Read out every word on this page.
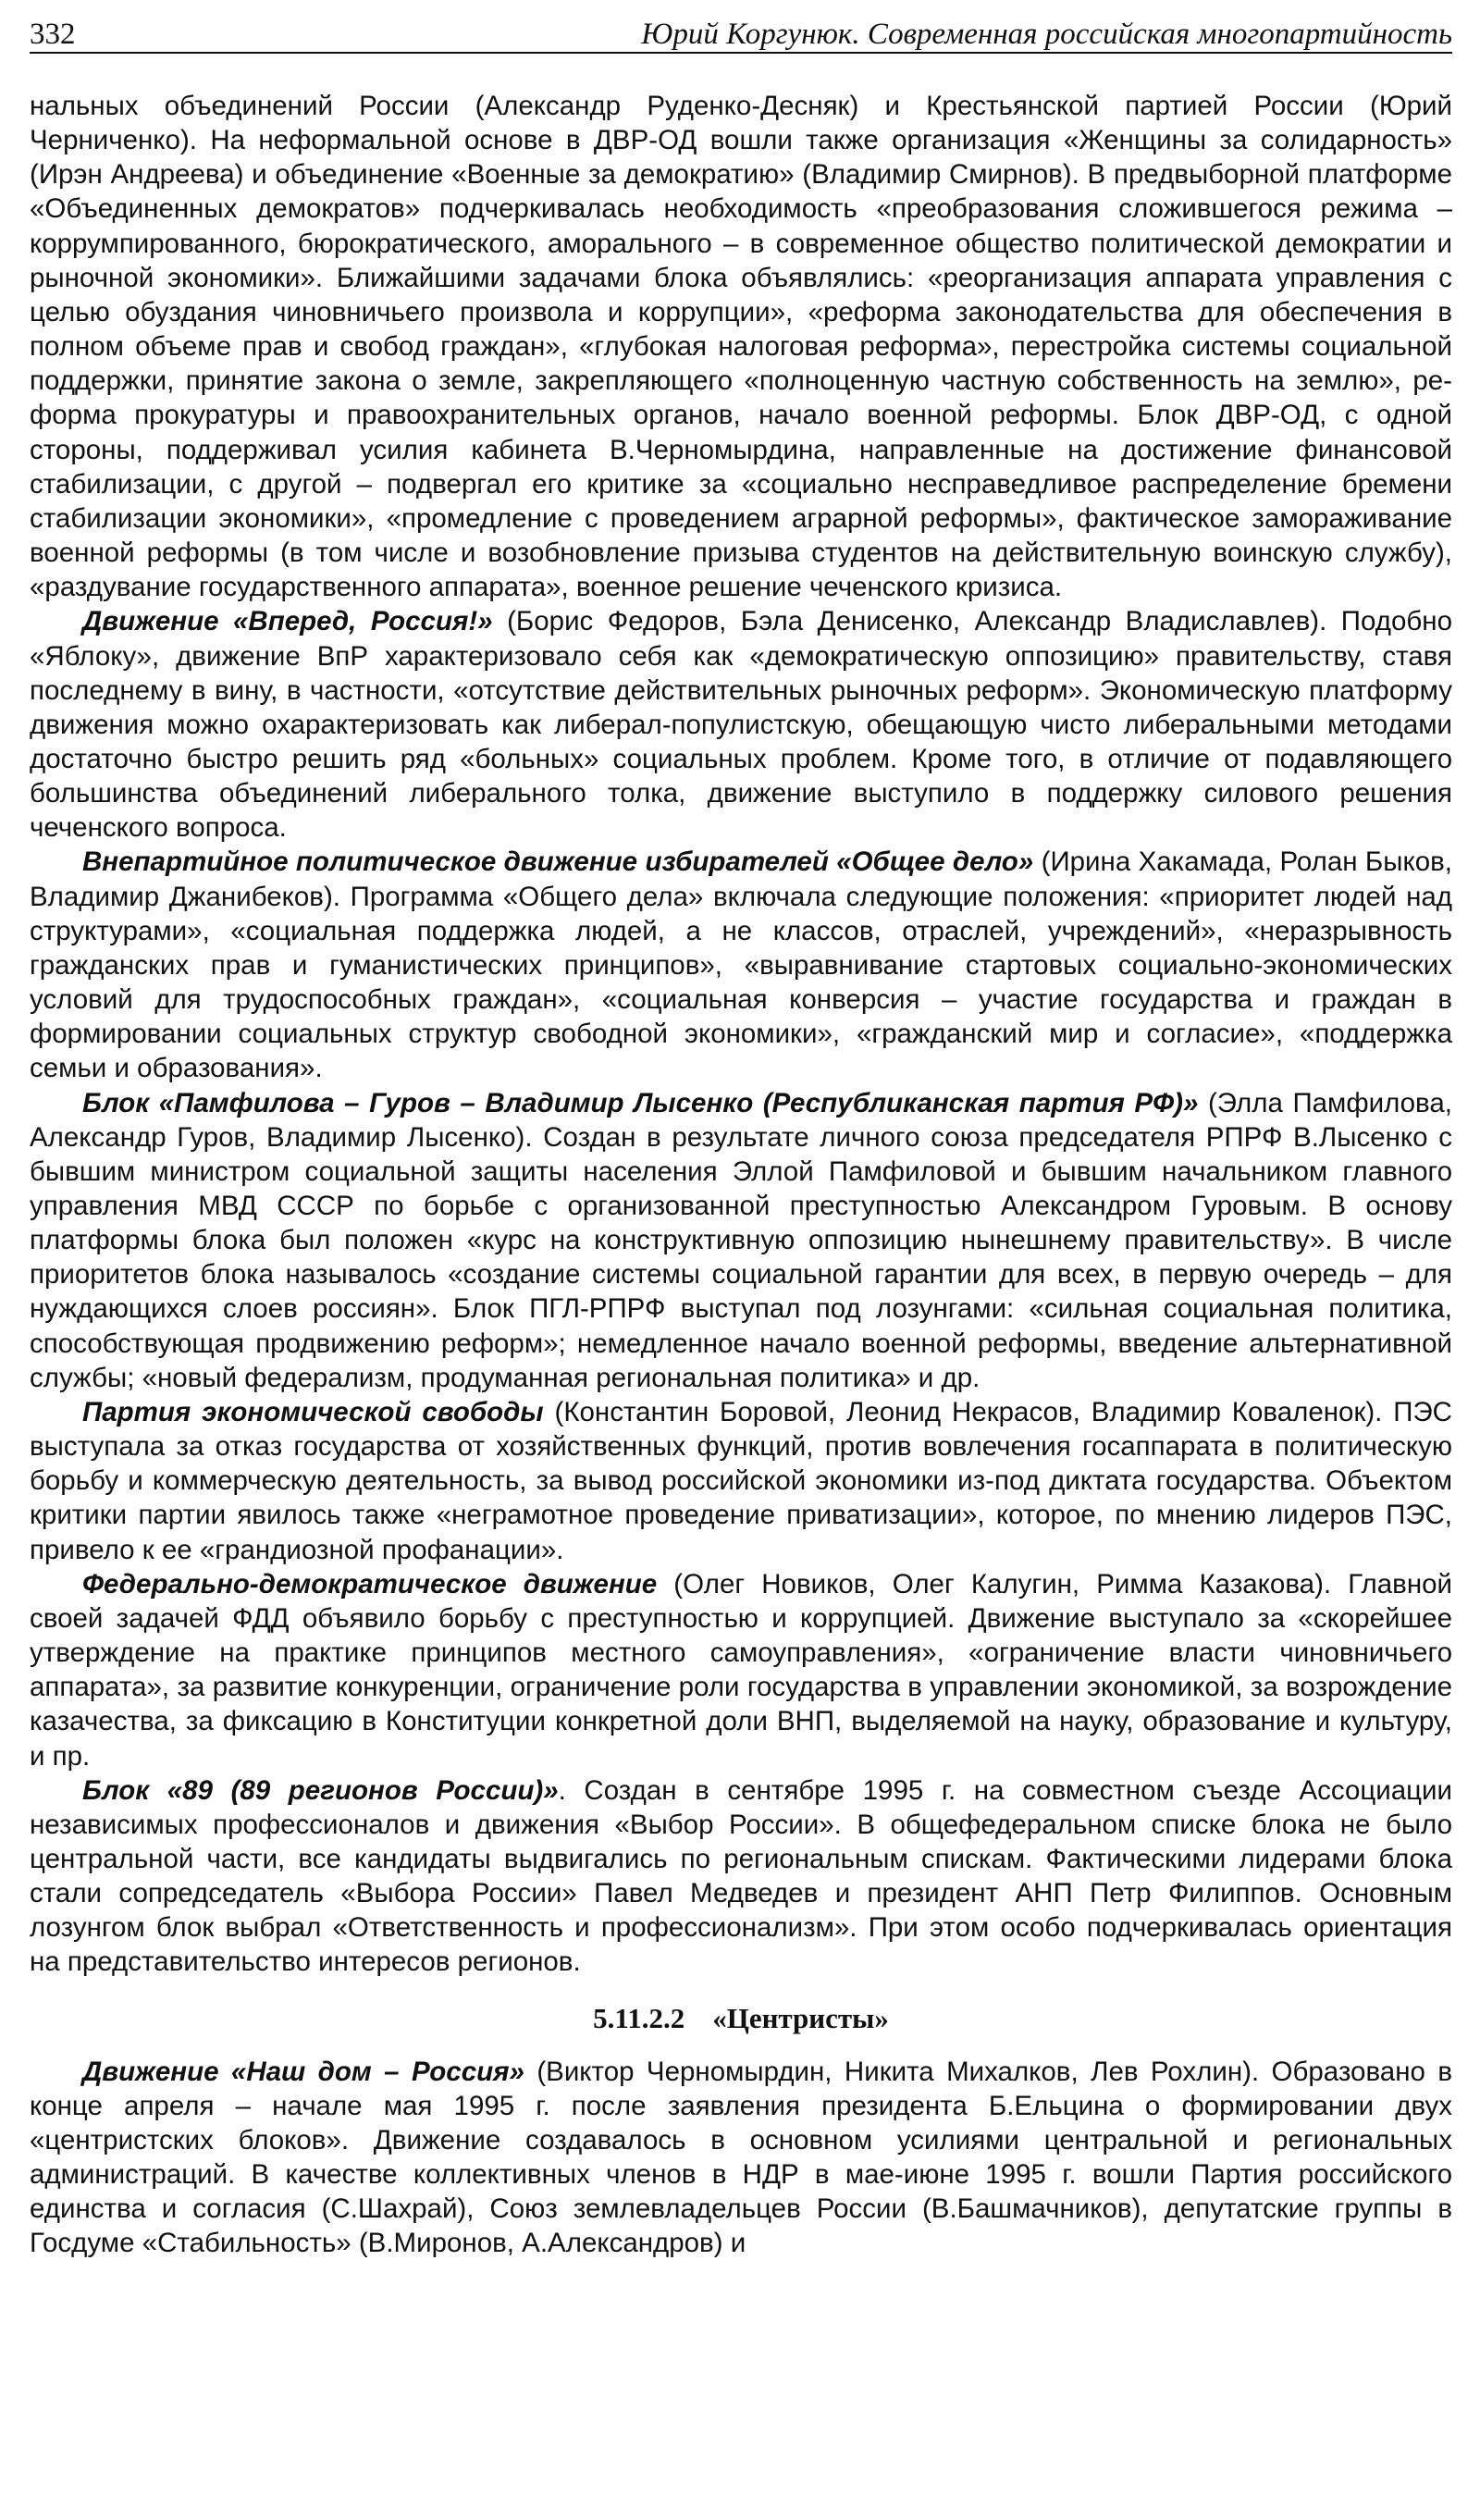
332	Юрий Коргунюк. Современная российская многопартийность

нальных объединений России (Александр Руденко-Десняк) и Крестьянской партией России (Юрий Черниченко). На неформальной основе в ДВР-ОД вошли также организация «Женщины за солидарность» (Ирэн Андреева) и объединение «Военные за демократию» (Владимир Смирнов). В предвыборной платформе «Объединенных демократов» подчеркивалась необходимость «преобразования сложившегося режима – коррумпированного, бюрократического, аморального – в современное общество политической демократии и рыночной экономики». Ближайшими задачами блока объявлялись: «реорганизация аппарата управления с целью обуздания чиновничьего произвола и коррупции», «реформа законодательства для обеспечения в полном объеме прав и свобод граждан», «глубокая налоговая реформа», перестройка системы социальной поддержки, принятие закона о земле, закрепляющего «полноценную частную собственность на землю», реформа прокуратуры и правоохранительных органов, начало военной реформы. Блок ДВР-ОД, с одной стороны, поддерживал усилия кабинета В.Черномырдина, направленные на достижение финансовой стабилизации, с другой – подвергал его критике за «социально несправедливое распределение бремени стабилизации экономики», «промедление с проведением аграрной реформы», фактическое замораживание военной реформы (в том числе и возобновление призыва студентов на действительную воинскую службу), «раздувание государственного аппарата», военное решение чеченского кризиса.

Движение «Вперед, Россия!» (Борис Федоров, Бэла Денисенко, Александр Владиславлев). Подобно «Яблоку», движение ВпР характеризовало себя как «демократическую оппозицию» правительству, ставя последнему в вину, в частности, «отсутствие действительных рыночных реформ». Экономическую платформу движения можно охарактеризовать как либерал-популистскую, обещающую чисто либеральными методами достаточно быстро решить ряд «больных» социальных проблем. Кроме того, в отличие от подавляющего большинства объединений либерального толка, движение выступило в поддержку силового решения чеченского вопроса.

Внепартийное политическое движение избирателей «Общее дело» (Ирина Хакамада, Ролан Быков, Владимир Джанибеков). Программа «Общего дела» включала следующие положения: «приоритет людей над структурами», «социальная поддержка людей, а не классов, отраслей, учреждений», «неразрывность гражданских прав и гуманистических принципов», «выравнивание стартовых социально-экономических условий для трудоспособных граждан», «социальная конверсия – участие государства и граждан в формировании социальных структур свободной экономики», «гражданский мир и согласие», «поддержка семьи и образования».

Блок «Памфилова – Гуров – Владимир Лысенко (Республиканская партия РФ)» (Элла Памфилова, Александр Гуров, Владимир Лысенко). Создан в результате личного союза председателя РПРФ В.Лысенко с бывшим министром социальной защиты населения Эллой Памфиловой и бывшим начальником главного управления МВД СССР по борьбе с организованной преступностью Александром Гуровым. В основу платформы блока был положен «курс на конструктивную оппозицию нынешнему правительству». В числе приоритетов блока называлось «создание системы социальной гарантии для всех, в первую очередь – для нуждающихся слоев россиян». Блок ПГЛ-РПРФ выступал под лозунгами: «сильная социальная политика, способствующая продвижению реформ»; немедленное начало военной реформы, введение альтернативной службы; «новый федерализм, продуманная региональная политика» и др.

Партия экономической свободы (Константин Боровой, Леонид Некрасов, Владимир Коваленок). ПЭС выступала за отказ государства от хозяйственных функций, против вовлечения госаппарата в политическую борьбу и коммерческую деятельность, за вывод российской экономики из-под диктата государства. Объектом критики партии явилось также «неграмотное проведение приватизации», которое, по мнению лидеров ПЭС, привело к ее «грандиозной профанации».

Федерально-демократическое движение (Олег Новиков, Олег Калугин, Римма Казакова). Главной своей задачей ФДД объявило борьбу с преступностью и коррупцией. Движение выступало за «скорейшее утверждение на практике принципов местного самоуправления», «ограничение власти чиновничьего аппарата», за развитие конкуренции, ограничение роли государства в управлении экономикой, за возрождение казачества, за фиксацию в Конституции конкретной доли ВНП, выделяемой на науку, образование и культуру, и пр.

Блок «89 (89 регионов России)». Создан в сентябре 1995 г. на совместном съезде Ассоциации независимых профессионалов и движения «Выбор России». В общефедеральном списке блока не было центральной части, все кандидаты выдвигались по региональным спискам. Фактическими лидерами блока стали сопредседатель «Выбора России» Павел Медведев и президент АНП Петр Филиппов. Основным лозунгом блок выбрал «Ответственность и профессионализм». При этом особо подчеркивалась ориентация на представительство интересов регионов.

5.11.2.2 «Центристы»

Движение «Наш дом – Россия» (Виктор Черномырдин, Никита Михалков, Лев Рохлин). Образовано в конце апреля – начале мая 1995 г. после заявления президента Б.Ельцина о формировании двух «центристских блоков». Движение создавалось в основном усилиями центральной и региональных администраций. В качестве коллективных членов в НДР в мае-июне 1995 г. вошли Партия российского единства и согласия (С.Шахрай), Союз землевладельцев России (В.Башмачников), депутатские группы в Госдуме «Стабильность» (В.Миронов, А.Александров) и
